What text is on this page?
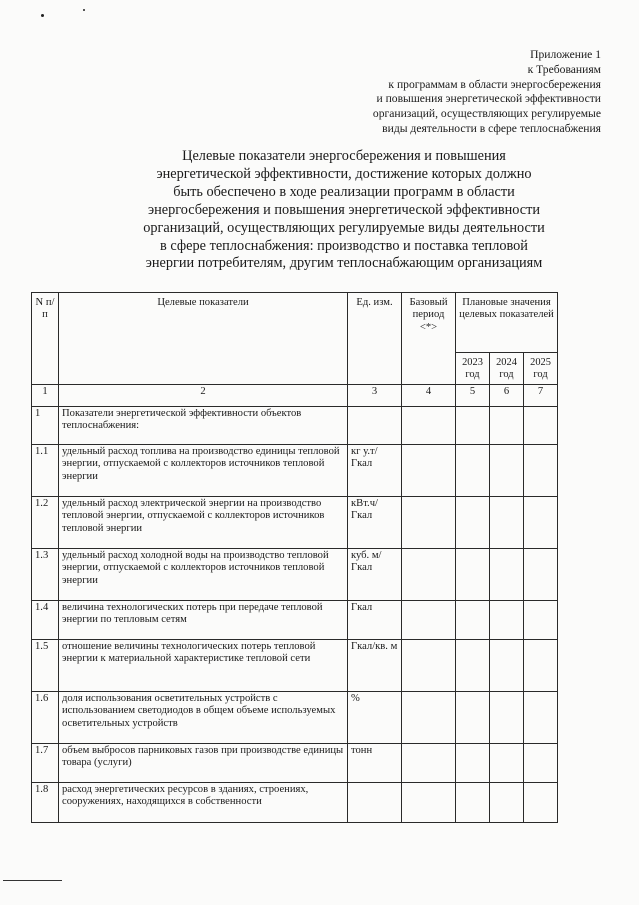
Приложение 1
к Требованиям
к программам в области энергосбережения
и повышения энергетической эффективности
организаций, осуществляющих регулируемые
виды деятельности в сфере теплоснабжения
Целевые показатели энергосбережения и повышения
энергетической эффективности, достижение которых должно
быть обеспечено в ходе реализации программ в области
энергосбережения и повышения энергетической эффективности
организаций, осуществляющих регулируемые виды деятельности
в сфере теплоснабжения: производство и поставка тепловой
энергии потребителям, другим теплоснабжающим организациям
N п/п	Целевые показатели	Ед. изм.	Базовый период <*>	Плановые значения целевых показателей		
				2023 год	2024 год	2025 год
1	2	3	4	5	6	7
1	Показатели энергетической эффективности объектов теплоснабжения:					
1.1	удельный расход топлива на производство единицы тепловой энергии, отпускаемой с коллекторов источников тепловой энергии	кг у.т/Гкал				
1.2	удельный расход электрической энергии на производство тепловой энергии, отпускаемой с коллекторов источников тепловой энергии	кВт.ч/Гкал				
1.3	удельный расход холодной воды на производство тепловой энергии, отпускаемой с коллекторов источников тепловой энергии	куб. м/Гкал				
1.4	величина технологических потерь при передаче тепловой энергии по тепловым сетям	Гкал				
1.5	отношение величины технологических потерь тепловой энергии к материальной характеристике тепловой сети	Гкал/кв. м				
1.6	доля использования осветительных устройств с использованием светодиодов в общем объеме используемых осветительных устройств	%				
1.7	объем выбросов парниковых газов при производстве единицы товара (услуги)	тонн				
1.8	расход энергетических ресурсов в зданиях, строениях, сооружениях, находящихся в собственности					
